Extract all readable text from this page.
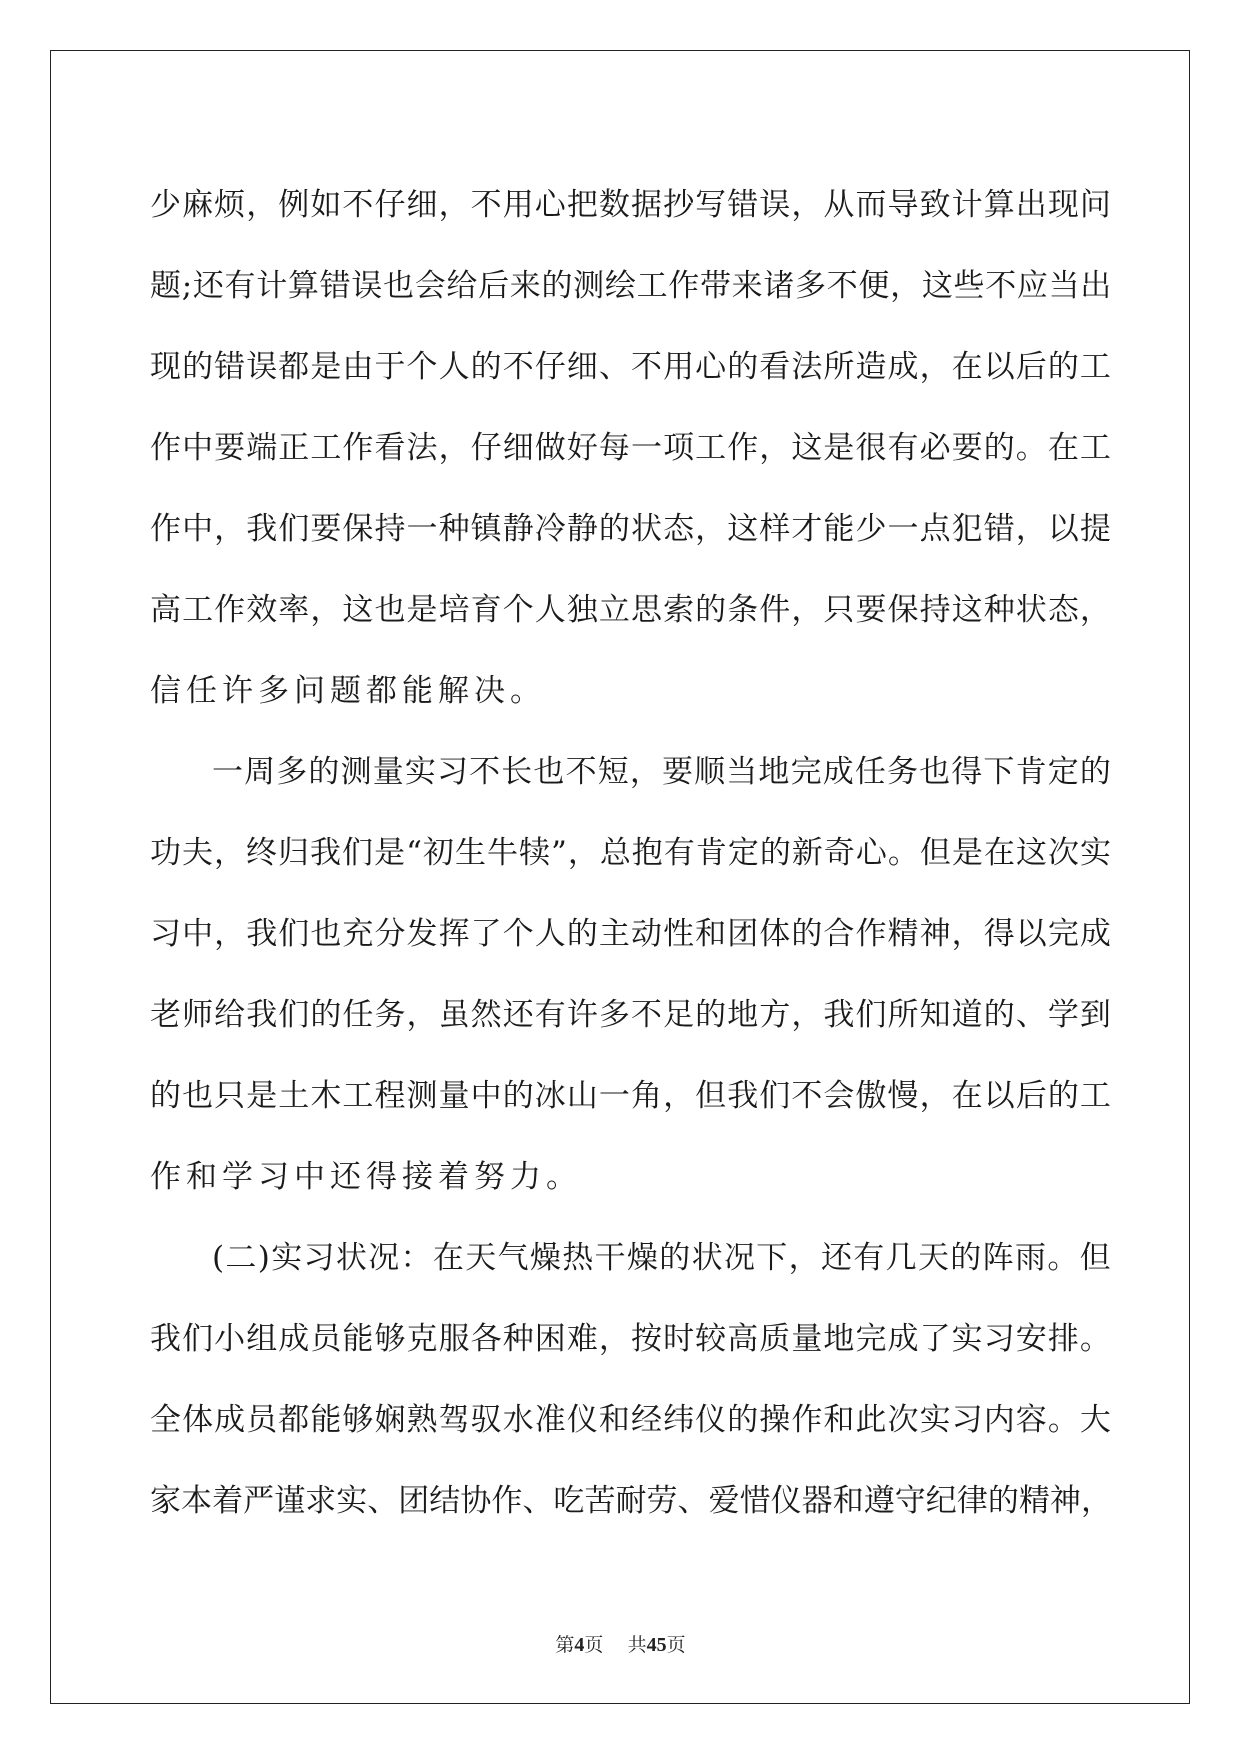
少麻烦，例如不仔细，不用心把数据抄写错误，从而导致计算出现问
题;还有计算错误也会给后来的测绘工作带来诸多不便，这些不应当出
现的错误都是由于个人的不仔细、不用心的看法所造成，在以后的工
作中要端正工作看法，仔细做好每一项工作，这是很有必要的。在工
作中，我们要保持一种镇静冷静的状态，这样才能少一点犯错，以提
高工作效率，这也是培育个人独立思索的条件，只要保持这种状态，
信任许多问题都能解决。

一周多的测量实习不长也不短，要顺当地完成任务也得下肯定的
功夫，终归我们是“初生牛犊”，总抱有肯定的新奇心。但是在这次实
习中，我们也充分发挥了个人的主动性和团体的合作精神，得以完成
老师给我们的任务，虽然还有许多不足的地方，我们所知道的、学到
的也只是土木工程测量中的冰山一角，但我们不会傲慢，在以后的工
作和学习中还得接着努力。

(二)实习状况：在天气燥热干燥的状况下，还有几天的阵雨。但
我们小组成员能够克服各种困难，按时较高质量地完成了实习安排。
全体成员都能够娴熟驾驭水准仪和经纬仪的操作和此次实习内容。大
家本着严谨求实、团结协作、吃苦耐劳、爱惜仪器和遵守纪律的精神，

第4页 共45页
